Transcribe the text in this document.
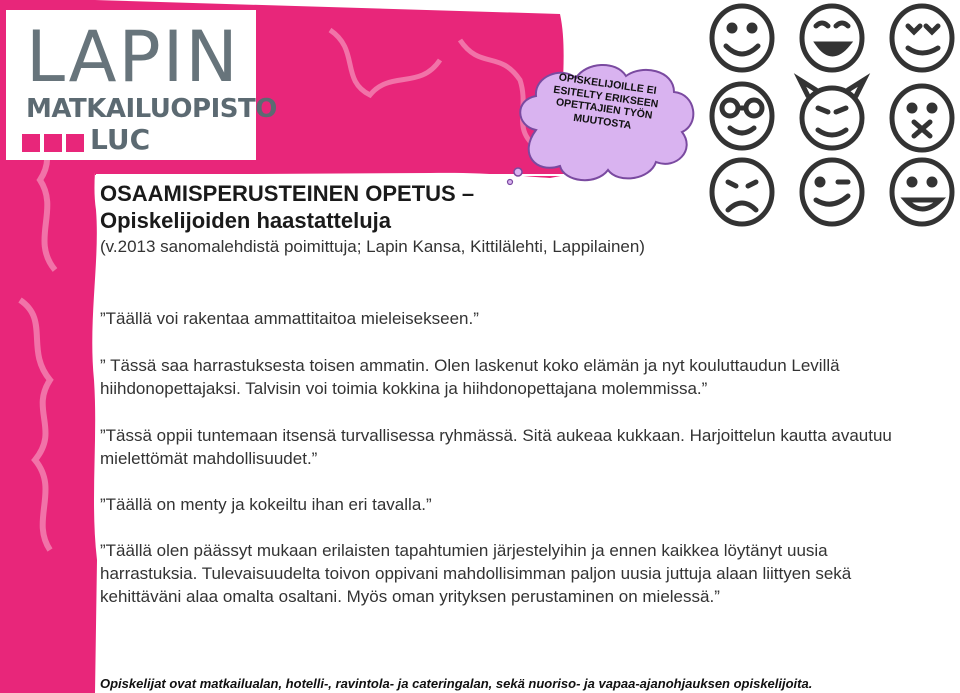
LAPIN
MATKAILUOPISTO
LUC
OPISKELIJOILLE EI ESITELTY ERIKSEEN OPETTAJIEN TYÖN MUUTOSTA
OSAAMISPERUSTEINEN OPETUS –
Opiskelijoiden haastatteluja
(v.2013 sanomalehdistä poimittuja; Lapin Kansa, Kittilälehti, Lappilainen)
”Täällä voi rakentaa ammattitaitoa mieleisekseen.”
” Tässä saa harrastuksesta toisen ammatin. Olen laskenut koko elämän ja nyt kouluttaudun Levillä hiihdonopettajaksi. Talvisin voi toimia kokkina ja hiihdonopettajana molemmissa.”
”Tässä oppii tuntemaan itsensä turvallisessa ryhmässä. Sitä aukeaa kukkaan. Harjoittelun kautta avautuu mielettömät mahdollisuudet.”
”Täällä on menty ja kokeiltu ihan eri tavalla.”
”Täällä olen päässyt mukaan erilaisten tapahtumien järjestelyihin ja ennen kaikkea löytänyt uusia harrastuksia. Tulevaisuudelta toivon oppivani mahdollisimman paljon uusia juttuja alaan liittyen sekä kehittäväni alaa omalta osaltani. Myös oman yrityksen perustaminen on mielessä.”
Opiskelijat ovat matkailualan, hotelli-, ravintola- ja cateringalan, sekä nuoriso- ja vapaa-ajanohjauksen opiskelijoita.
